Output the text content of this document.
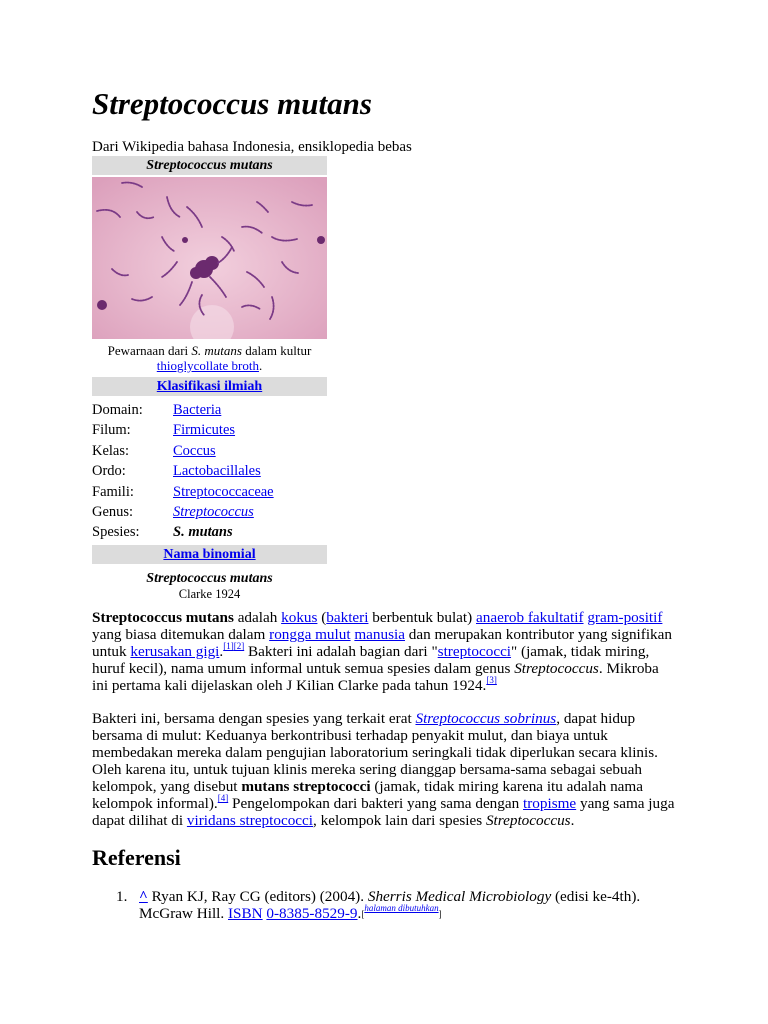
Streptococcus mutans
Dari Wikipedia bahasa Indonesia, ensiklopedia bebas
Streptococcus mutans
Pewarnaan dari S. mutans dalam kultur
thioglycollate broth.
Klasifikasi ilmiah
Domain:	Bacteria
Filum:	Firmicutes
Kelas:	Coccus
Ordo:	Lactobacillales
Famili:	Streptococcaceae
Genus:	Streptococcus
Spesies:	S. mutans
Nama binomial
Streptococcus mutans
Clarke 1924

Streptococcus mutans adalah kokus (bakteri berbentuk bulat) anaerob fakultatif gram-positif yang biasa ditemukan dalam rongga mulut manusia dan merupakan kontributor yang signifikan untuk kerusakan gigi.[1][2] Bakteri ini adalah bagian dari "streptococci" (jamak, tidak miring, huruf kecil), nama umum informal untuk semua spesies dalam genus Streptococcus. Mikroba ini pertama kali dijelaskan oleh J Kilian Clarke pada tahun 1924.[3]

Bakteri ini, bersama dengan spesies yang terkait erat Streptococcus sobrinus, dapat hidup bersama di mulut: Keduanya berkontribusi terhadap penyakit mulut, dan biaya untuk membedakan mereka dalam pengujian laboratorium seringkali tidak diperlukan secara klinis. Oleh karena itu, untuk tujuan klinis mereka sering dianggap bersama-sama sebagai sebuah kelompok, yang disebut mutans streptococci (jamak, tidak miring karena itu adalah nama kelompok informal).[4] Pengelompokan dari bakteri yang sama dengan tropisme yang sama juga dapat dilihat di viridans streptococci, kelompok lain dari spesies Streptococcus.

Referensi
1. ^ Ryan KJ, Ray CG (editors) (2004). Sherris Medical Microbiology (edisi ke-4th). McGraw Hill. ISBN 0-8385-8529-9.[halaman dibutuhkan]
